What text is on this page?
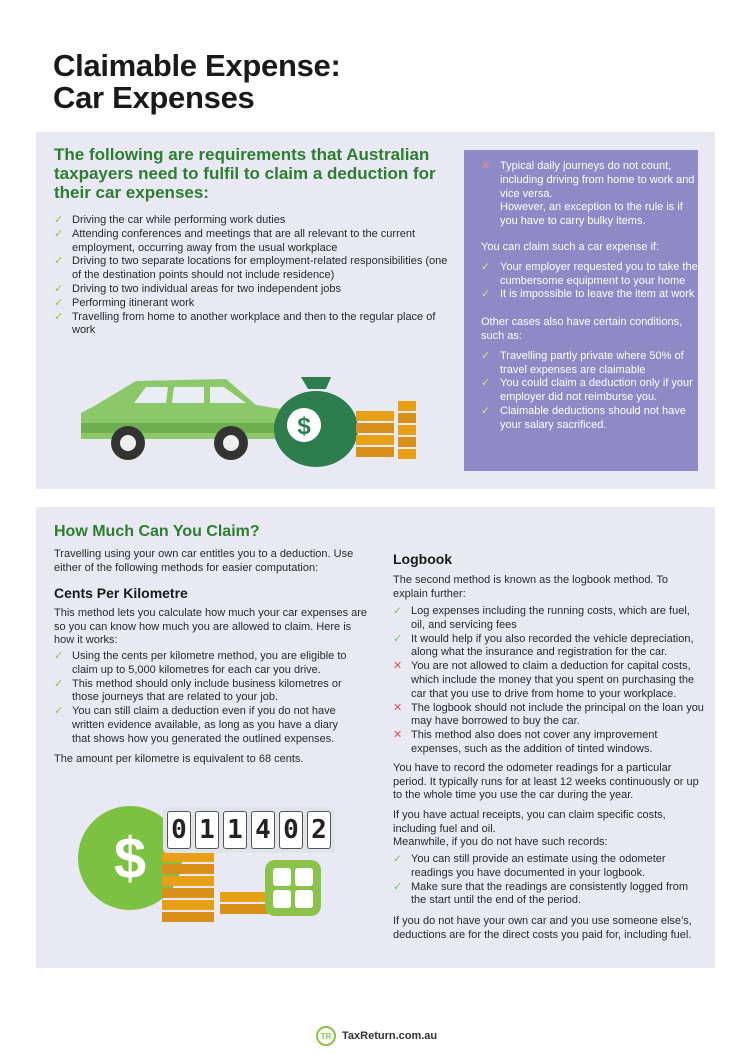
Claimable Expense:
Car Expenses
The following are requirements that Australian taxpayers need to fulfil to claim a deduction for their car expenses:
✓ Driving the car while performing work duties
✓ Attending conferences and meetings that are all relevant to the current employment, occurring away from the usual workplace
✓ Driving to two separate locations for employment-related responsibilities (one of the destination points should not include residence)
✓ Driving to two individual areas for two independent jobs
✓ Performing itinerant work
✓ Travelling from home to another workplace and then to the regular place of work
$
✕ Typical daily journeys do not count, including driving from home to work and vice versa.
However, an exception to the rule is if you have to carry bulky items.

You can claim such a car expense if:

✓ Your employer requested you to take the cumbersome equipment to your home
✓ It is impossible to leave the item at work

Other cases also have certain conditions, such as:

✓ Travelling partly private where 50% of travel expenses are claimable
✓ You could claim a deduction only if your employer did not reimburse you.
✓ Claimable deductions should not have your salary sacrificed.
How Much Can You Claim?

Travelling using your own car entitles you to a deduction. Use either of the following methods for easier computation:

Cents Per Kilometre

This method lets you calculate how much your car expenses are so you can know how much you are allowed to claim. Here is how it works:

✓ Using the cents per kilometre method, you are eligible to claim up to 5,000 kilometres for each car you drive.
✓ This method should only include business kilometres or those journeys that are related to your job.
✓ You can still claim a deduction even if you do not have written evidence available, as long as you have a diary that shows how you generated the outlined expenses.

The amount per kilometre is equivalent to 68 cents.

Logbook

The second method is known as the logbook method. To explain further:

✓ Log expenses including the running costs, which are fuel, oil, and servicing fees
✓ It would help if you also recorded the vehicle depreciation, along what the insurance and registration for the car.
✕ You are not allowed to claim a deduction for capital costs, which include the money that you spent on purchasing the car that you use to drive from home to your workplace.
✕ The logbook should not include the principal on the loan you may have borrowed to buy the car.
✕ This method also does not cover any improvement expenses, such as the addition of tinted windows.

You have to record the odometer readings for a particular period. It typically runs for at least 12 weeks continuously or up to the whole time you use the car during the year.

If you have actual receipts, you can claim specific costs, including fuel and oil.

Meanwhile, if you do not have such records:

✓ You can still provide an estimate using the odometer readings you have documented in your logbook.
✓ Make sure that the readings are consistently logged from the start until the end of the period.

If you do not have your own car and you use someone else’s, deductions are for the direct costs you paid for, including fuel.

$ 0 1 1 4 0 2
TR TaxReturn.com.au
